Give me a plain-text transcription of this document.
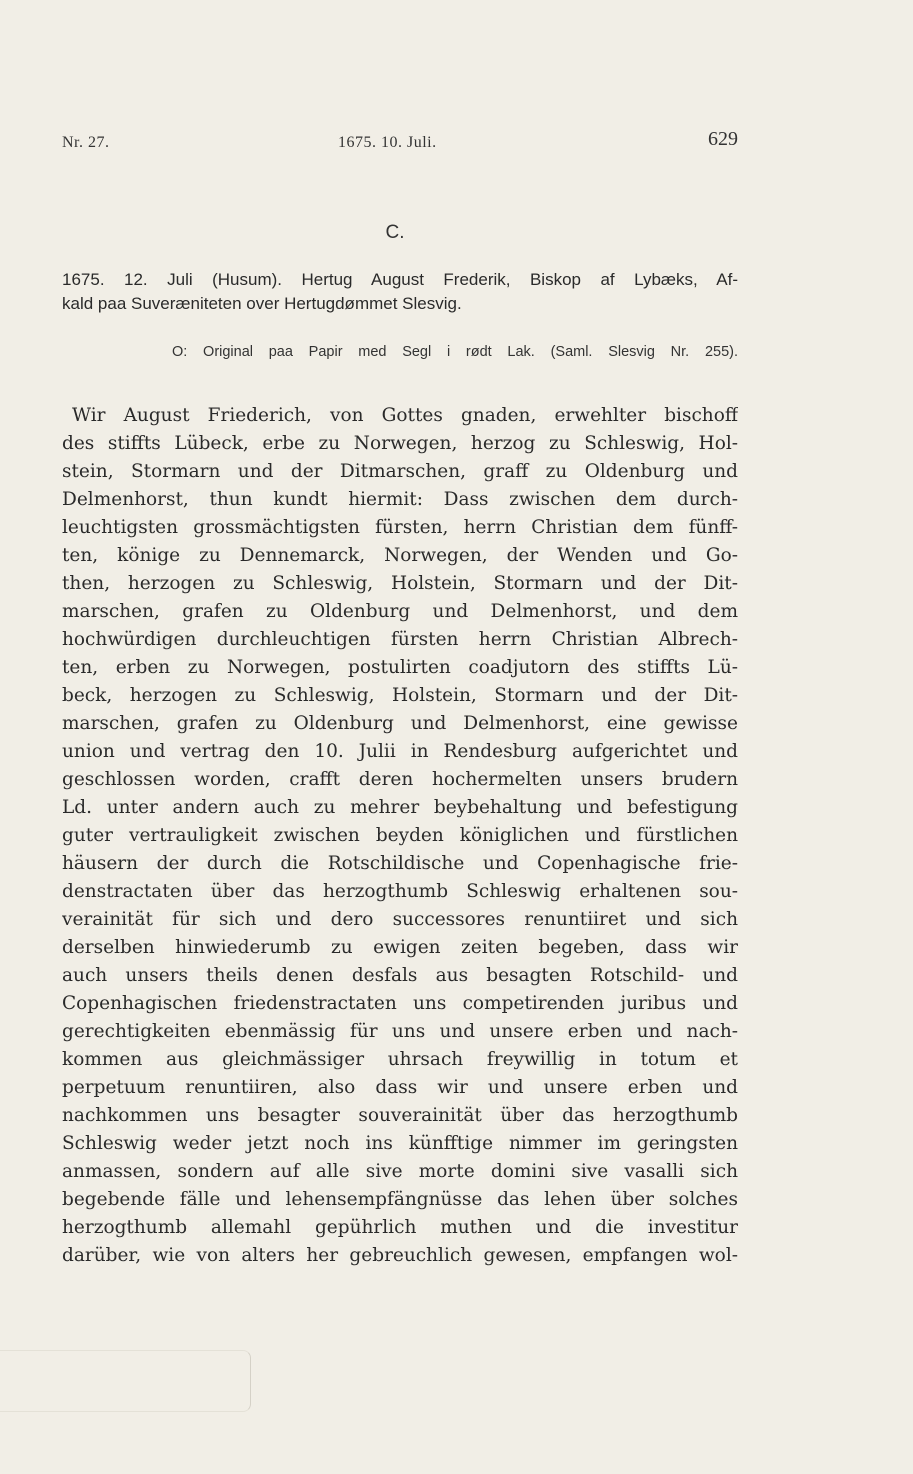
Nr. 27.	1675. 10. Juli.	629
C.
1675. 12. Juli (Husum). Hertug August Frederik, Biskop af Lybæks, Af-
kald paa Suveræniteten over Hertugdømmet Slesvig.
O: Original paa Papir med Segl i rødt Lak. (Saml. Slesvig Nr. 255).
Wir August Friederich, von Gottes gnaden, erwehlter bischoff
des stiffts Lübeck, erbe zu Norwegen, herzog zu Schleswig, Hol-
stein, Stormarn und der Ditmarschen, graff zu Oldenburg und
Delmenhorst, thun kundt hiermit: Dass zwischen dem durch-
leuchtigsten grossmächtigsten fürsten, herrn Christian dem fünff-
ten, könige zu Dennemarck, Norwegen, der Wenden und Go-
then, herzogen zu Schleswig, Holstein, Stormarn und der Dit-
marschen, grafen zu Oldenburg und Delmenhorst, und dem
hochwürdigen durchleuchtigen fürsten herrn Christian Albrech-
ten, erben zu Norwegen, postulirten coadjutorn des stiffts Lü-
beck, herzogen zu Schleswig, Holstein, Stormarn und der Dit-
marschen, grafen zu Oldenburg und Delmenhorst, eine gewisse
union und vertrag den 10. Julii in Rendesburg aufgerichtet und
geschlossen worden, crafft deren hochermelten unsers brudern
Ld. unter andern auch zu mehrer beybehaltung und befestigung
guter vertrauligkeit zwischen beyden königlichen und fürstlichen
häusern der durch die Rotschildische und Copenhagische frie-
denstractaten über das herzogthumb Schleswig erhaltenen sou-
verainität für sich und dero successores renuntiiret und sich
derselben hinwiederumb zu ewigen zeiten begeben, dass wir
auch unsers theils denen desfals aus besagten Rotschild- und
Copenhagischen friedenstractaten uns competirenden juribus und
gerechtigkeiten ebenmässig für uns und unsere erben und nach-
kommen aus gleichmässiger uhrsach freywillig in totum et
perpetuum renuntiiren, also dass wir und unsere erben und
nachkommen uns besagter souverainität über das herzogthumb
Schleswig weder jetzt noch ins künfftige nimmer im geringsten
anmassen, sondern auf alle sive morte domini sive vasalli sich
begebende fälle und lehensempfängnüsse das lehen über solches
herzogthumb allemahl gepührlich muthen und die investitur
darüber, wie von alters her gebreuchlich gewesen, empfangen wol-
